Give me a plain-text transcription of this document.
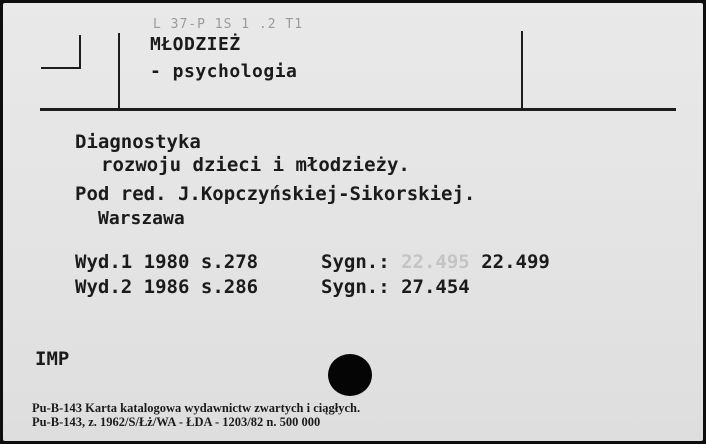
L 37-P 1S 1 .2 T1
MŁODZIEŻ
- psychologia
Diagnostyka
rozwoju dzieci i młodzieży.
Pod red. J.Kopczyńskiej-Sikorskiej.
Warszawa
Wyd.1 1980 s.278	Sygn.: 22.495 22.499
Wyd.2 1986 s.286	Sygn.: 27.454
IMP
Pu-B-143 Karta katalogowa wydawnictw zwartych i ciągłych.
Pu-B-143, z. 1962/S/Łż/WA - ŁDA - 1203/82 n. 500 000
